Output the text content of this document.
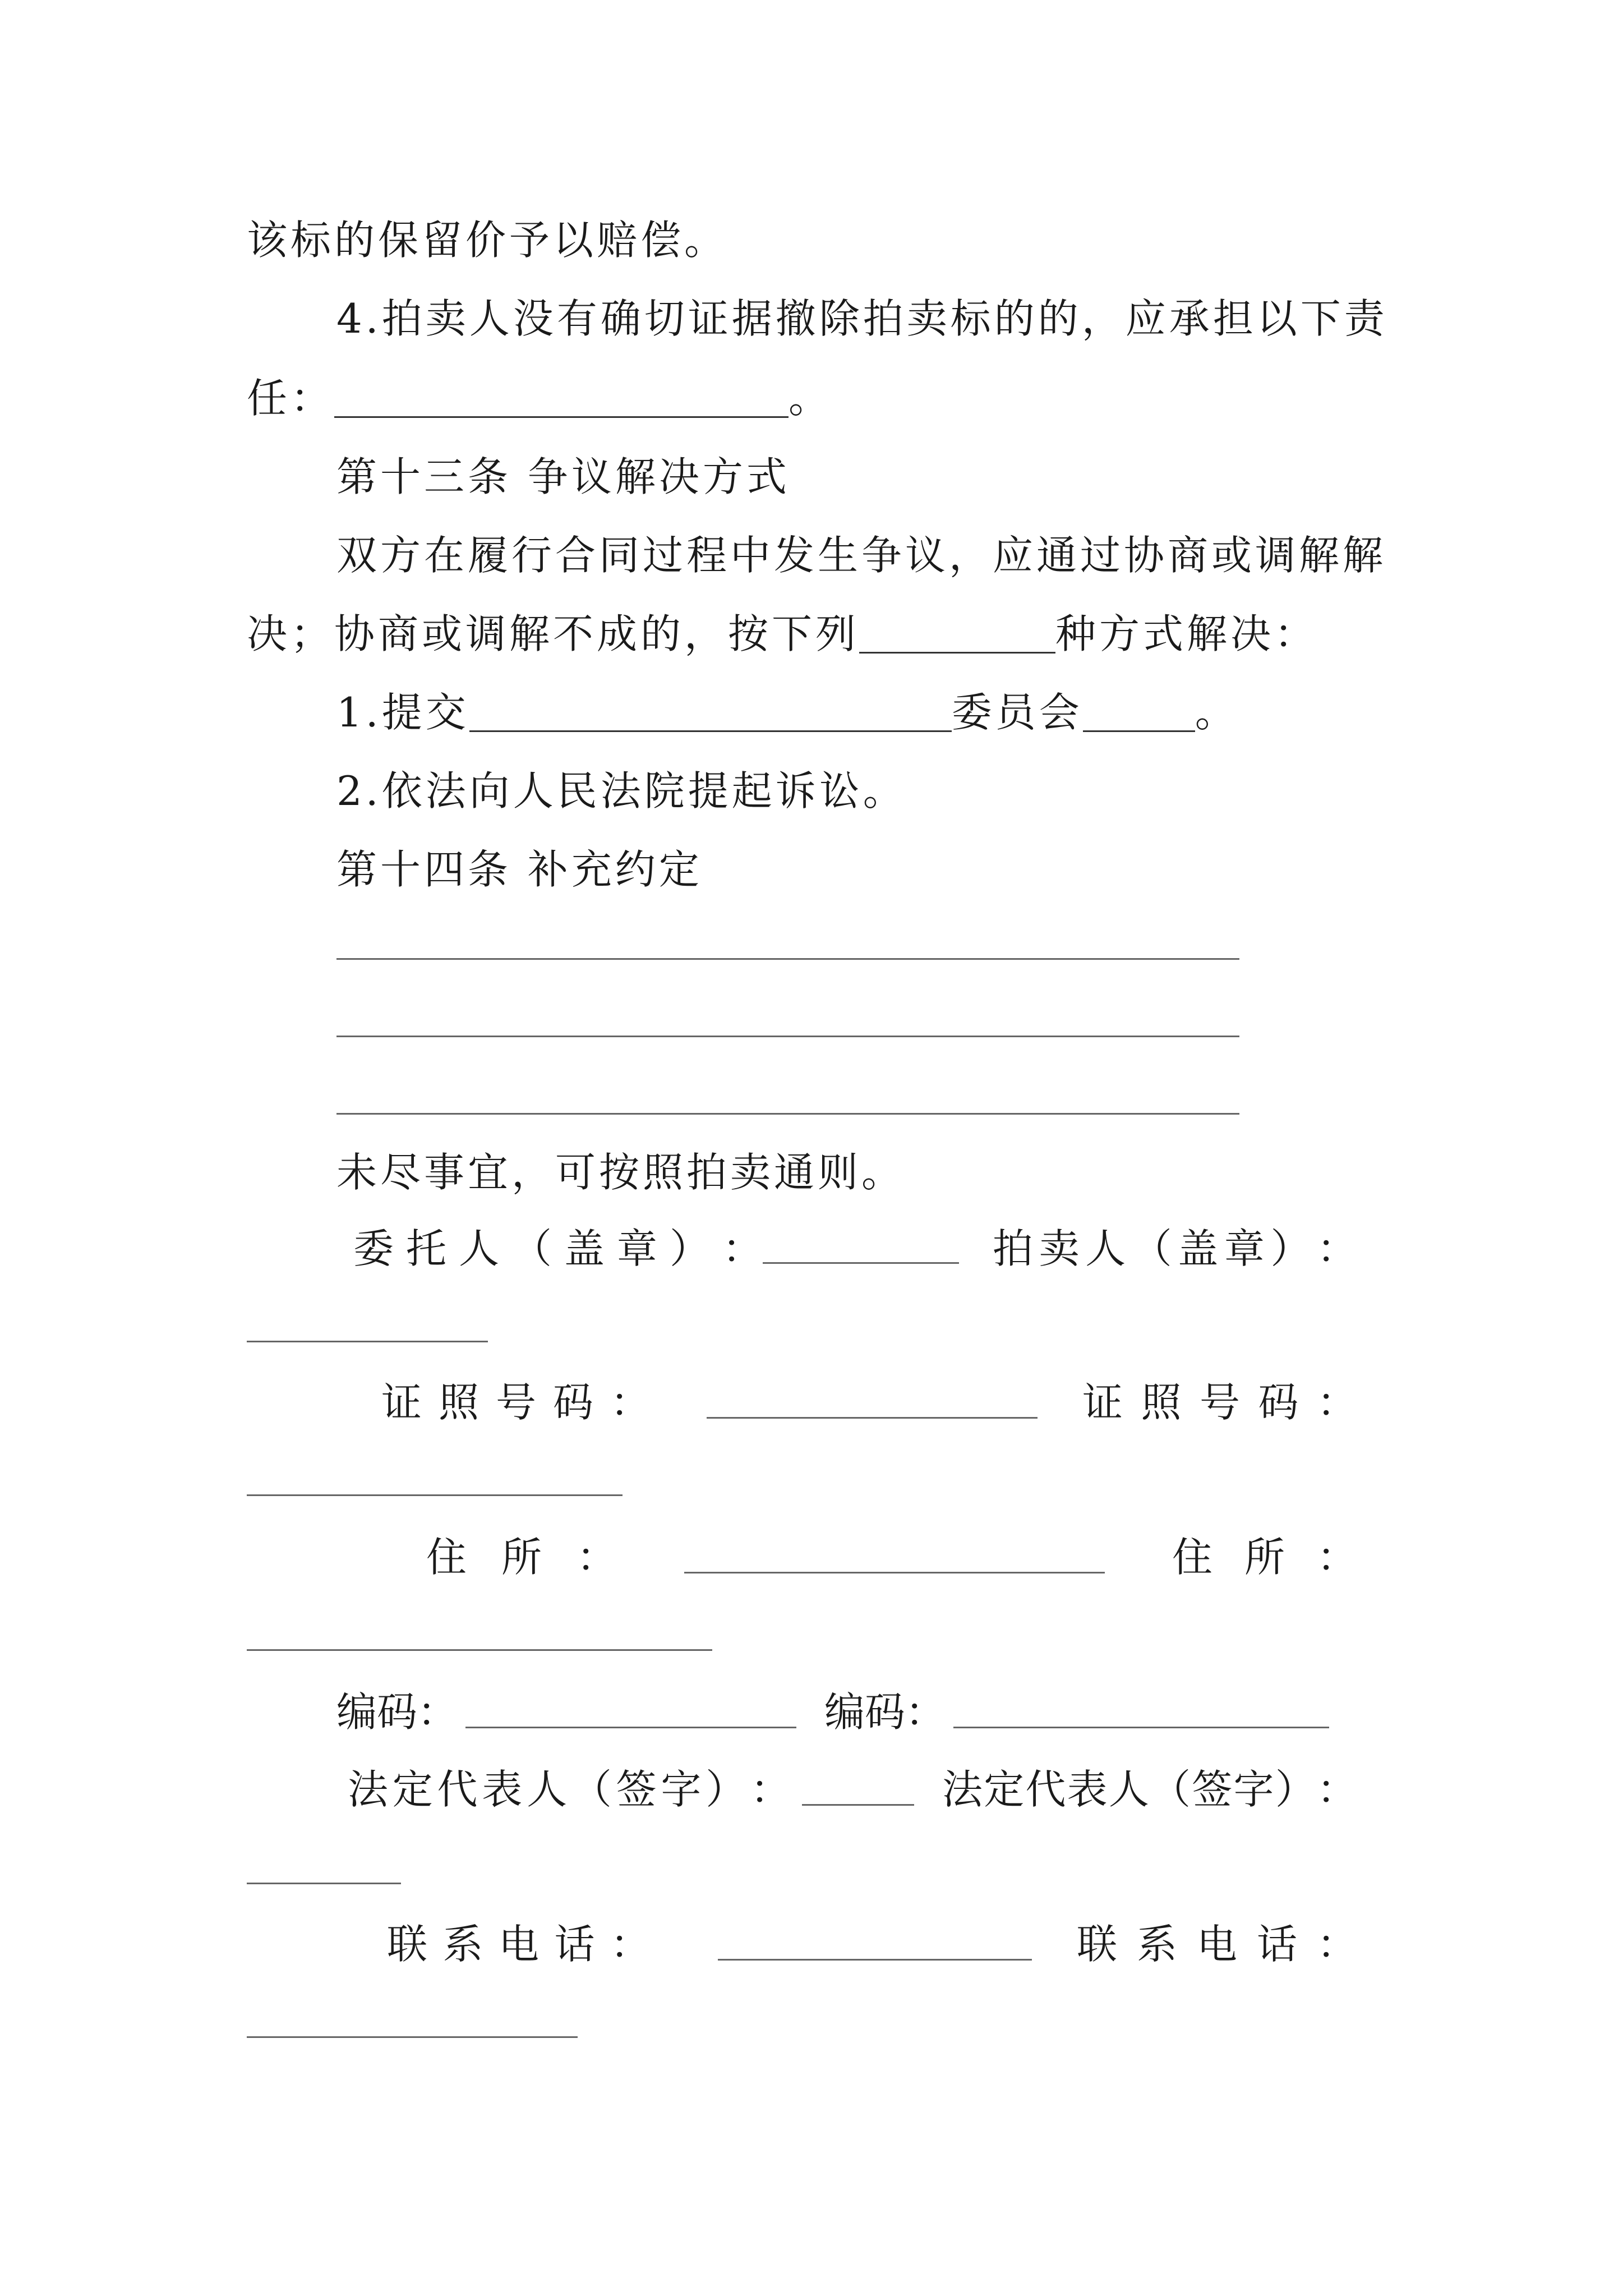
该标的保留价予以赔偿。
4.拍卖人没有确切证据撤除拍卖标的的，应承担以下责
任：	。
第十三条 争议解决方式
双方在履行合同过程中发生争议，应通过协商或调解解
决；协商或调解不成的，按下列	种方式解决：
1.提交	委员会	。
2.依法向人民法院提起诉讼。
第十四条 补充约定
未尽事宜，可按照拍卖通则。
委 托 人 （ 盖 章 ） ：	拍 卖 人 （ 盖 章 ） ：
证 照 号 码 ：	证 照 号 码 ：
住 所 ：	住 所 ：
编码：	编码：
法 定 代 表 人 （ 签 字 ） ：	法 定 代 表 人 （ 签 字 ） ：
联 系 电 话 ：	联 系 电 话 ：
